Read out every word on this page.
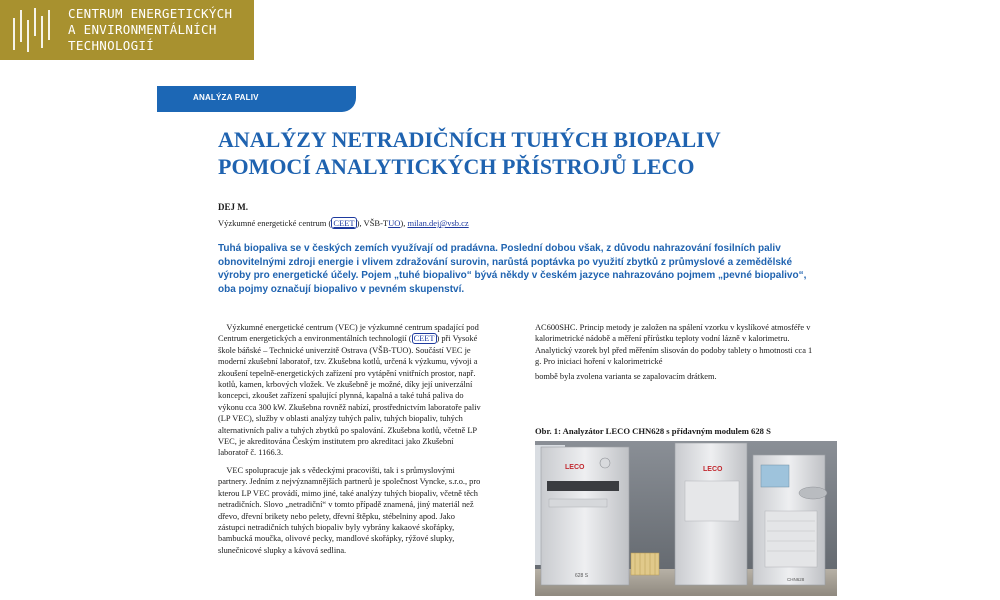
CENTRUM ENERGETICKÝCH
A ENVIRONMENTÁLNÍCH
TECHNOLOGIÍ
ANALÝZA PALIV
ANALÝZY NETRADIČNÍCH TUHÝCH BIOPALIV
POMOCÍ ANALYTICKÝCH PŘÍSTROJŮ LECO
DEJ M.
Výzkumné energetické centrum ( CEET ), VŠB-TUO), milan.dej@vsb.cz

Tuhá biopaliva se v českých zemích využívají od pradávna. Poslední dobou však, z důvodu nahrazování fosilních paliv obnovitelnými zdroji energie i vlivem zdražování surovin, narůstá poptávka po využití zbytků z průmyslové a zemědělské výroby pro energetické účely. Pojem „tuhé biopalivo“ bývá někdy v českém jazyce nahrazováno pojmem „pevné biopalivo“, oba pojmy označují biopalivo v pevném skupenství.

 Výzkumné energetické centrum (VEC) je výzkumné centrum spadající pod Centrum energetických a environmentálních technologií ( CEET ) při Vysoké škole báňské – Technické univerzitě Ostrava (VŠB-TUO). Součástí VEC je moderní zkušební laboratoř, tzv. Zkušebna kotlů, určená k výzkumu, vývoji a zkoušení tepelně-energetických zařízení pro vytápění vnitřních prostor, např. kotlů, kamen, krbových vložek. Ve zkušebně je možné, díky její univerzální koncepci, zkoušet zařízení spalující plynná, kapalná a také tuhá paliva do výkonu cca 300 kW. Zkušebna rovněž nabízí, prostřednictvím laboratoře paliv (LP VEC), služby v oblasti analýzy tuhých paliv, tuhých biopaliv, tuhých alternativních paliv a tuhých zbytků po spalování. Zkušebna kotlů, včetně LP VEC, je akreditována Českým institutem pro akreditaci jako Zkušební laboratoř č. 1166.3.

 VEC spolupracuje jak s vědeckými pracovišti, tak i s průmyslovými partnery. Jedním z nejvýznamnějších partnerů je společnost Vyncke, s.r.o., pro kterou LP VEC provádí, mimo jiné, také analýzy tuhých biopaliv, včetně těch netradičních. Slovo „netradiční“ v tomto případě znamená, jiný materiál než dřevo, dřevní brikety nebo pelety, dřevní štěpku, stébelniny apod. Jako zástupci netradičních tuhých biopaliv byly vybrány kakaové skořápky, bambucká moučka, olivové pecky, mandlové skořápky, rýžové slupky, slunečnicové slupky a kávová sedlina.

AC600SHC. Princip metody je založen na spálení vzorku v kyslíkové atmosféře v kalorimetrické nádobě a měření přírůstku teploty vodní lázně v kalorimetru. Analytický vzorek byl před měřením slisován do podoby tablety o hmotnosti cca 1 g. Pro iniciaci hoření v kalorimetrické

bombě byla zvolena varianta se zapalovacím drátkem.

Obr. 1: Analyzátor LECO CHN628 s přídavným modulem 628 S
LECO
628 S
LECO
CHN628
